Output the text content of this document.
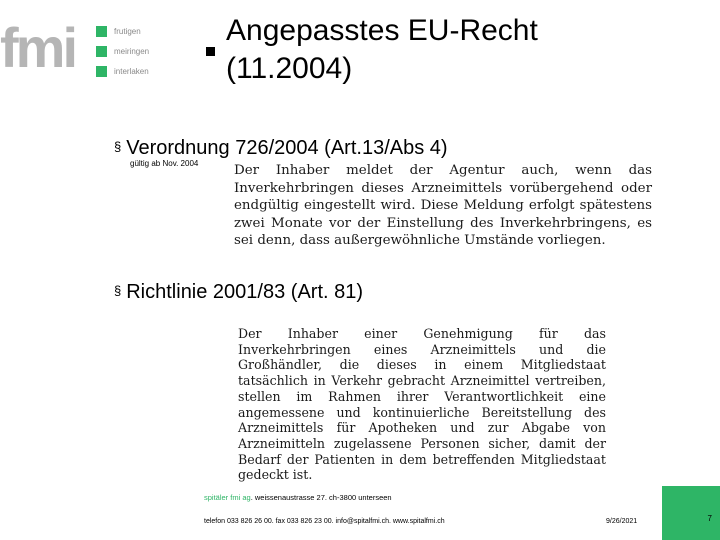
fmi	frutigen
meiringen
interlaken
Angepasstes EU-Recht
(11.2004)
§ Verordnung 726/2004 (Art.13/Abs 4)
gültig ab Nov. 2004	Der Inhaber meldet der Agentur auch, wenn das Inverkehrbringen dieses Arzneimittels vorübergehend oder endgültig eingestellt wird. Diese Meldung erfolgt spätestens zwei Monate vor der Einstellung des Inverkehrbringens, es sei denn, dass außergewöhnliche Umstände vorliegen.
§ Richtlinie 2001/83 (Art. 81)
Der Inhaber einer Genehmigung für das Inverkehrbringen eines Arzneimittels und die Großhändler, die dieses in einem Mitgliedstaat tatsächlich in Verkehr gebracht Arzneimittel vertreiben, stellen im Rahmen ihrer Verantwortlichkeit eine angemessene und kontinuierliche Bereitstellung des Arzneimittels für Apotheken und zur Abgabe von Arzneimitteln zugelassene Personen sicher, damit der Bedarf der Patienten in dem betreffenden Mitgliedstaat gedeckt ist.
spitäler fmi ag. weissenaustrasse 27. ch-3800 unterseen
telefon 033 826 26 00. fax 033 826 23 00. info@spitalfmi.ch. www.spitalfmi.ch	9/26/2021	7
